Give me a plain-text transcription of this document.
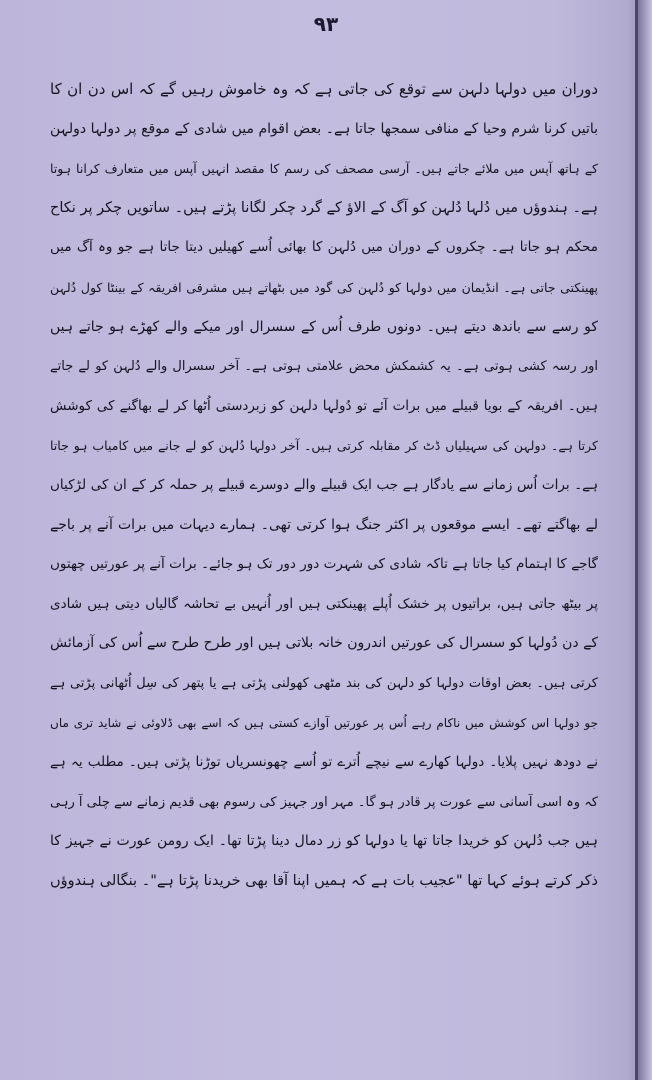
۹۳
دوران میں دولہا دلہن سے توقع کی جاتی ہے کہ وہ خاموش رہیں گے کہ اس دن ان کا
باتیں کرنا شرم وحیا کے منافی سمجھا جاتا ہے۔ بعض اقوام میں شادی کے موقع پر دولہا دولہن
کے ہاتھ آپس میں ملائے جاتے ہیں۔ آرسی مصحف کی رسم کا مقصد انہیں آپس میں متعارف کرانا ہوتا
ہے۔ ہندوؤں میں دُلہا دُلہن کو آگ کے الاؤ کے گرد چکر لگانا پڑتے ہیں۔ ساتویں چکر پر نکاح
محکم ہو جاتا ہے۔ چکروں کے دوران میں دُلہن کا بھائی اُسے کھیلیں دیتا جاتا ہے جو وہ آگ میں
پھینکتی جاتی ہے۔ انڈیمان میں دولہا کو دُلہن کی گود میں بٹھاتے ہیں مشرقی افریقہ کے بینٹا کول دُلہن
کو رسے سے باندھ دیتے ہیں۔ دونوں طرف اُس کے سسرال اور میکے والے کھڑے ہو جاتے ہیں
اور رسہ کشی ہوتی ہے۔ یہ کشمکش محض علامتی ہوتی ہے۔ آخر سسرال والے دُلہن کو لے جاتے
ہیں۔ افریقہ کے بویا قبیلے میں برات آئے تو دُولہا دلہن کو زبردستی اُٹھا کر لے بھاگنے کی کوشش
کرتا ہے۔ دولہن کی سہیلیاں ڈٹ کر مقابلہ کرتی ہیں۔ آخر دولہا دُلہن کو لے جانے میں کامیاب ہو جاتا
ہے۔ برات اُس زمانے سے یادگار ہے جب ایک قبیلے والے دوسرے قبیلے پر حملہ کر کے ان کی لڑکیاں
لے بھاگتے تھے۔ ایسے موقعوں پر اکثر جنگ ہوا کرتی تھی۔ ہمارے دیہات میں برات آنے پر باجے
گاجے کا اہتمام کیا جاتا ہے تاکہ شادی کی شہرت دور دور تک ہو جائے۔ برات آنے پر عورتیں چھتوں
پر بیٹھ جاتی ہیں، براتیوں پر خشک اُپلے پھینکتی ہیں اور اُنہیں بے تحاشہ گالیاں دیتی ہیں شادی
کے دن دُولہا کو سسرال کی عورتیں اندرون خانہ بلاتی ہیں اور طرح طرح سے اُس کی آزمائش
کرتی ہیں۔ بعض اوقات دولہا کو دلہن کی بند مٹھی کھولنی پڑتی ہے یا پتھر کی سِل اُٹھانی پڑتی ہے
جو دولہا اس کوشش میں ناکام رہے اُس پر عورتیں آوازے کستی ہیں کہ اسے بھی ڈلاوئی نے شاید تری ماں
نے دودھ نہیں پلایا۔ دولہا کھارے سے نیچے اُترے تو اُسے چھونسریاں توڑنا پڑتی ہیں۔ مطلب یہ ہے
کہ وہ اسی آسانی سے عورت پر قادر ہو گا۔ مہر اور جہیز کی رسوم بھی قدیم زمانے سے چلی آ رہی
ہیں جب دُلہن کو خریدا جاتا تھا یا دولہا کو زر دمال دینا پڑتا تھا۔ ایک رومن عورت نے جہیز کا
ذکر کرتے ہوئے کہا تھا "عجیب بات ہے کہ ہمیں اپنا آقا بھی خریدنا پڑتا ہے"۔ بنگالی ہندوؤں
